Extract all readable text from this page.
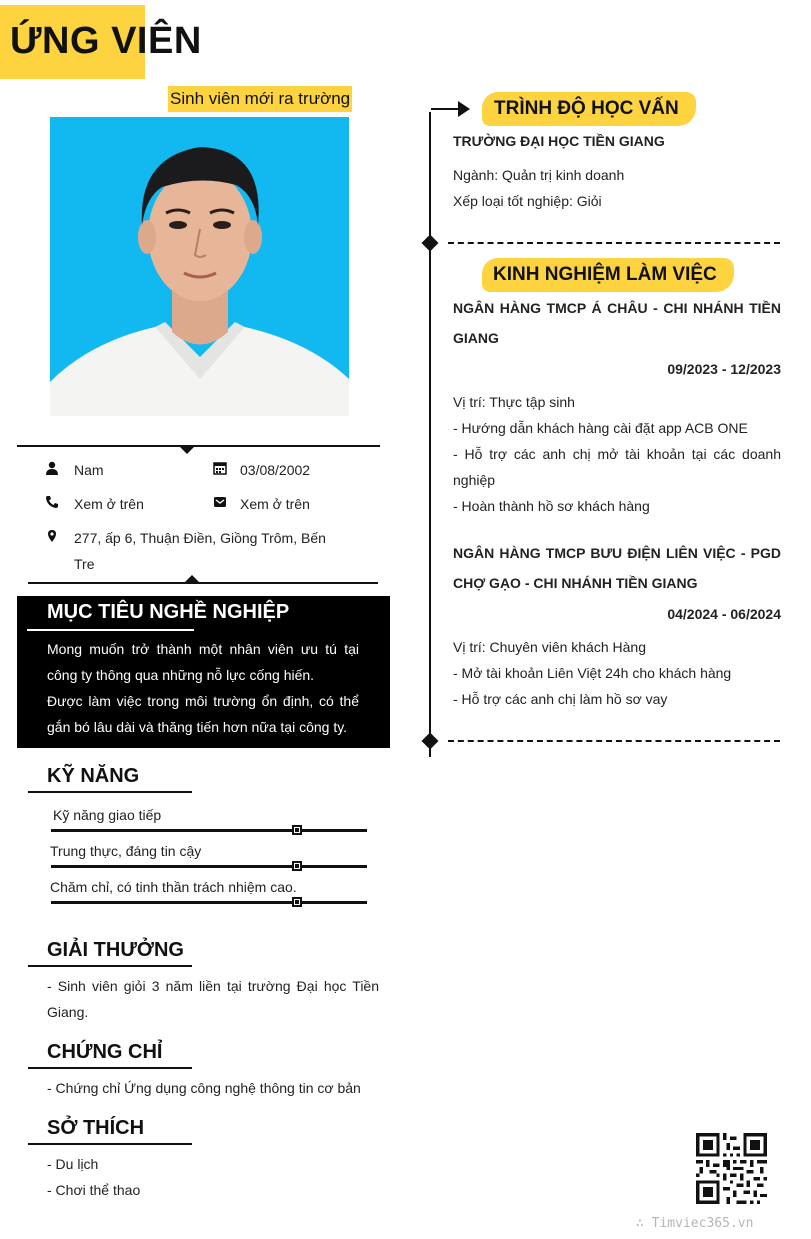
ỨNG VIÊN
Sinh viên mới ra trường
Nam	03/08/2002
Xem ở trên	Xem ở trên
277, ấp 6, Thuận Điền, Giồng Trôm, Bến Tre
MỤC TIÊU NGHỀ NGHIỆP
Mong muốn trở thành một nhân viên ưu tú tại công ty thông qua những nỗ lực cống hiến.
Được làm việc trong môi trường ổn định, có thể gắn bó lâu dài và thăng tiến hơn nữa tại công ty.
KỸ NĂNG
Kỹ năng giao tiếp
Trung thực, đáng tin cậy
Chăm chỉ, có tinh thần trách nhiệm cao.
GIẢI THƯỞNG
- Sinh viên giỏi 3 năm liền tại trường Đại học Tiền Giang.
CHỨNG CHỈ
- Chứng chỉ Ứng dụng công nghệ thông tin cơ bản
SỞ THÍCH
- Du lịch
- Chơi thể thao
TRÌNH ĐỘ HỌC VẤN
TRƯỜNG ĐẠI HỌC TIỀN GIANG
Ngành: Quản trị kinh doanh
Xếp loại tốt nghiệp: Giỏi
KINH NGHIỆM LÀM VIỆC
NGÂN HÀNG TMCP Á CHÂU - CHI NHÁNH TIỀN GIANG
09/2023 - 12/2023
Vị trí: Thực tập sinh
- Hướng dẫn khách hàng cài đặt app ACB ONE
- Hỗ trợ các anh chị mở tài khoản tại các doanh nghiệp
- Hoàn thành hồ sơ khách hàng
NGÂN HÀNG TMCP BƯU ĐIỆN LIÊN VIỆC - PGD CHỢ GẠO - CHI NHÁNH TIỀN GIANG
04/2024 - 06/2024
Vị trí: Chuyên viên khách Hàng
- Mở tài khoản Liên Việt 24h cho khách hàng
- Hỗ trợ các anh chị làm hồ sơ vay
∴ Timviec365.vn
